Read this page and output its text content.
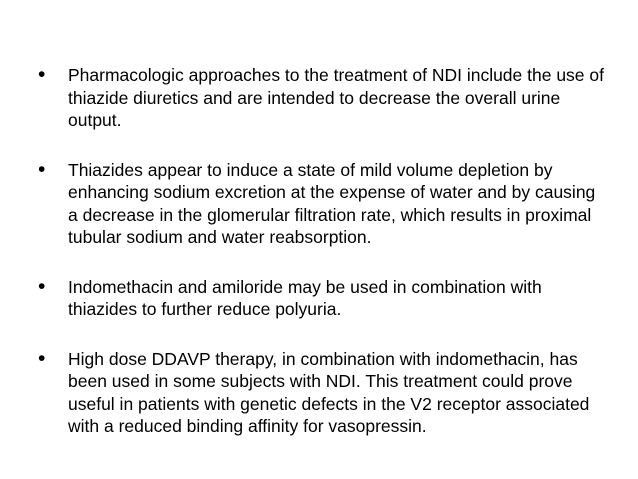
• Pharmacologic approaches to the treatment of NDI include the use of thiazide diuretics and are intended to decrease the overall urine output.
• Thiazides appear to induce a state of mild volume depletion by enhancing sodium excretion at the expense of water and by causing a decrease in the glomerular filtration rate, which results in proximal tubular sodium and water reabsorption.
• Indomethacin and amiloride may be used in combination with thiazides to further reduce polyuria.
• High dose DDAVP therapy, in combination with indomethacin, has been used in some subjects with NDI. This treatment could prove useful in patients with genetic defects in the V2 receptor associated with a reduced binding affinity for vasopressin.
